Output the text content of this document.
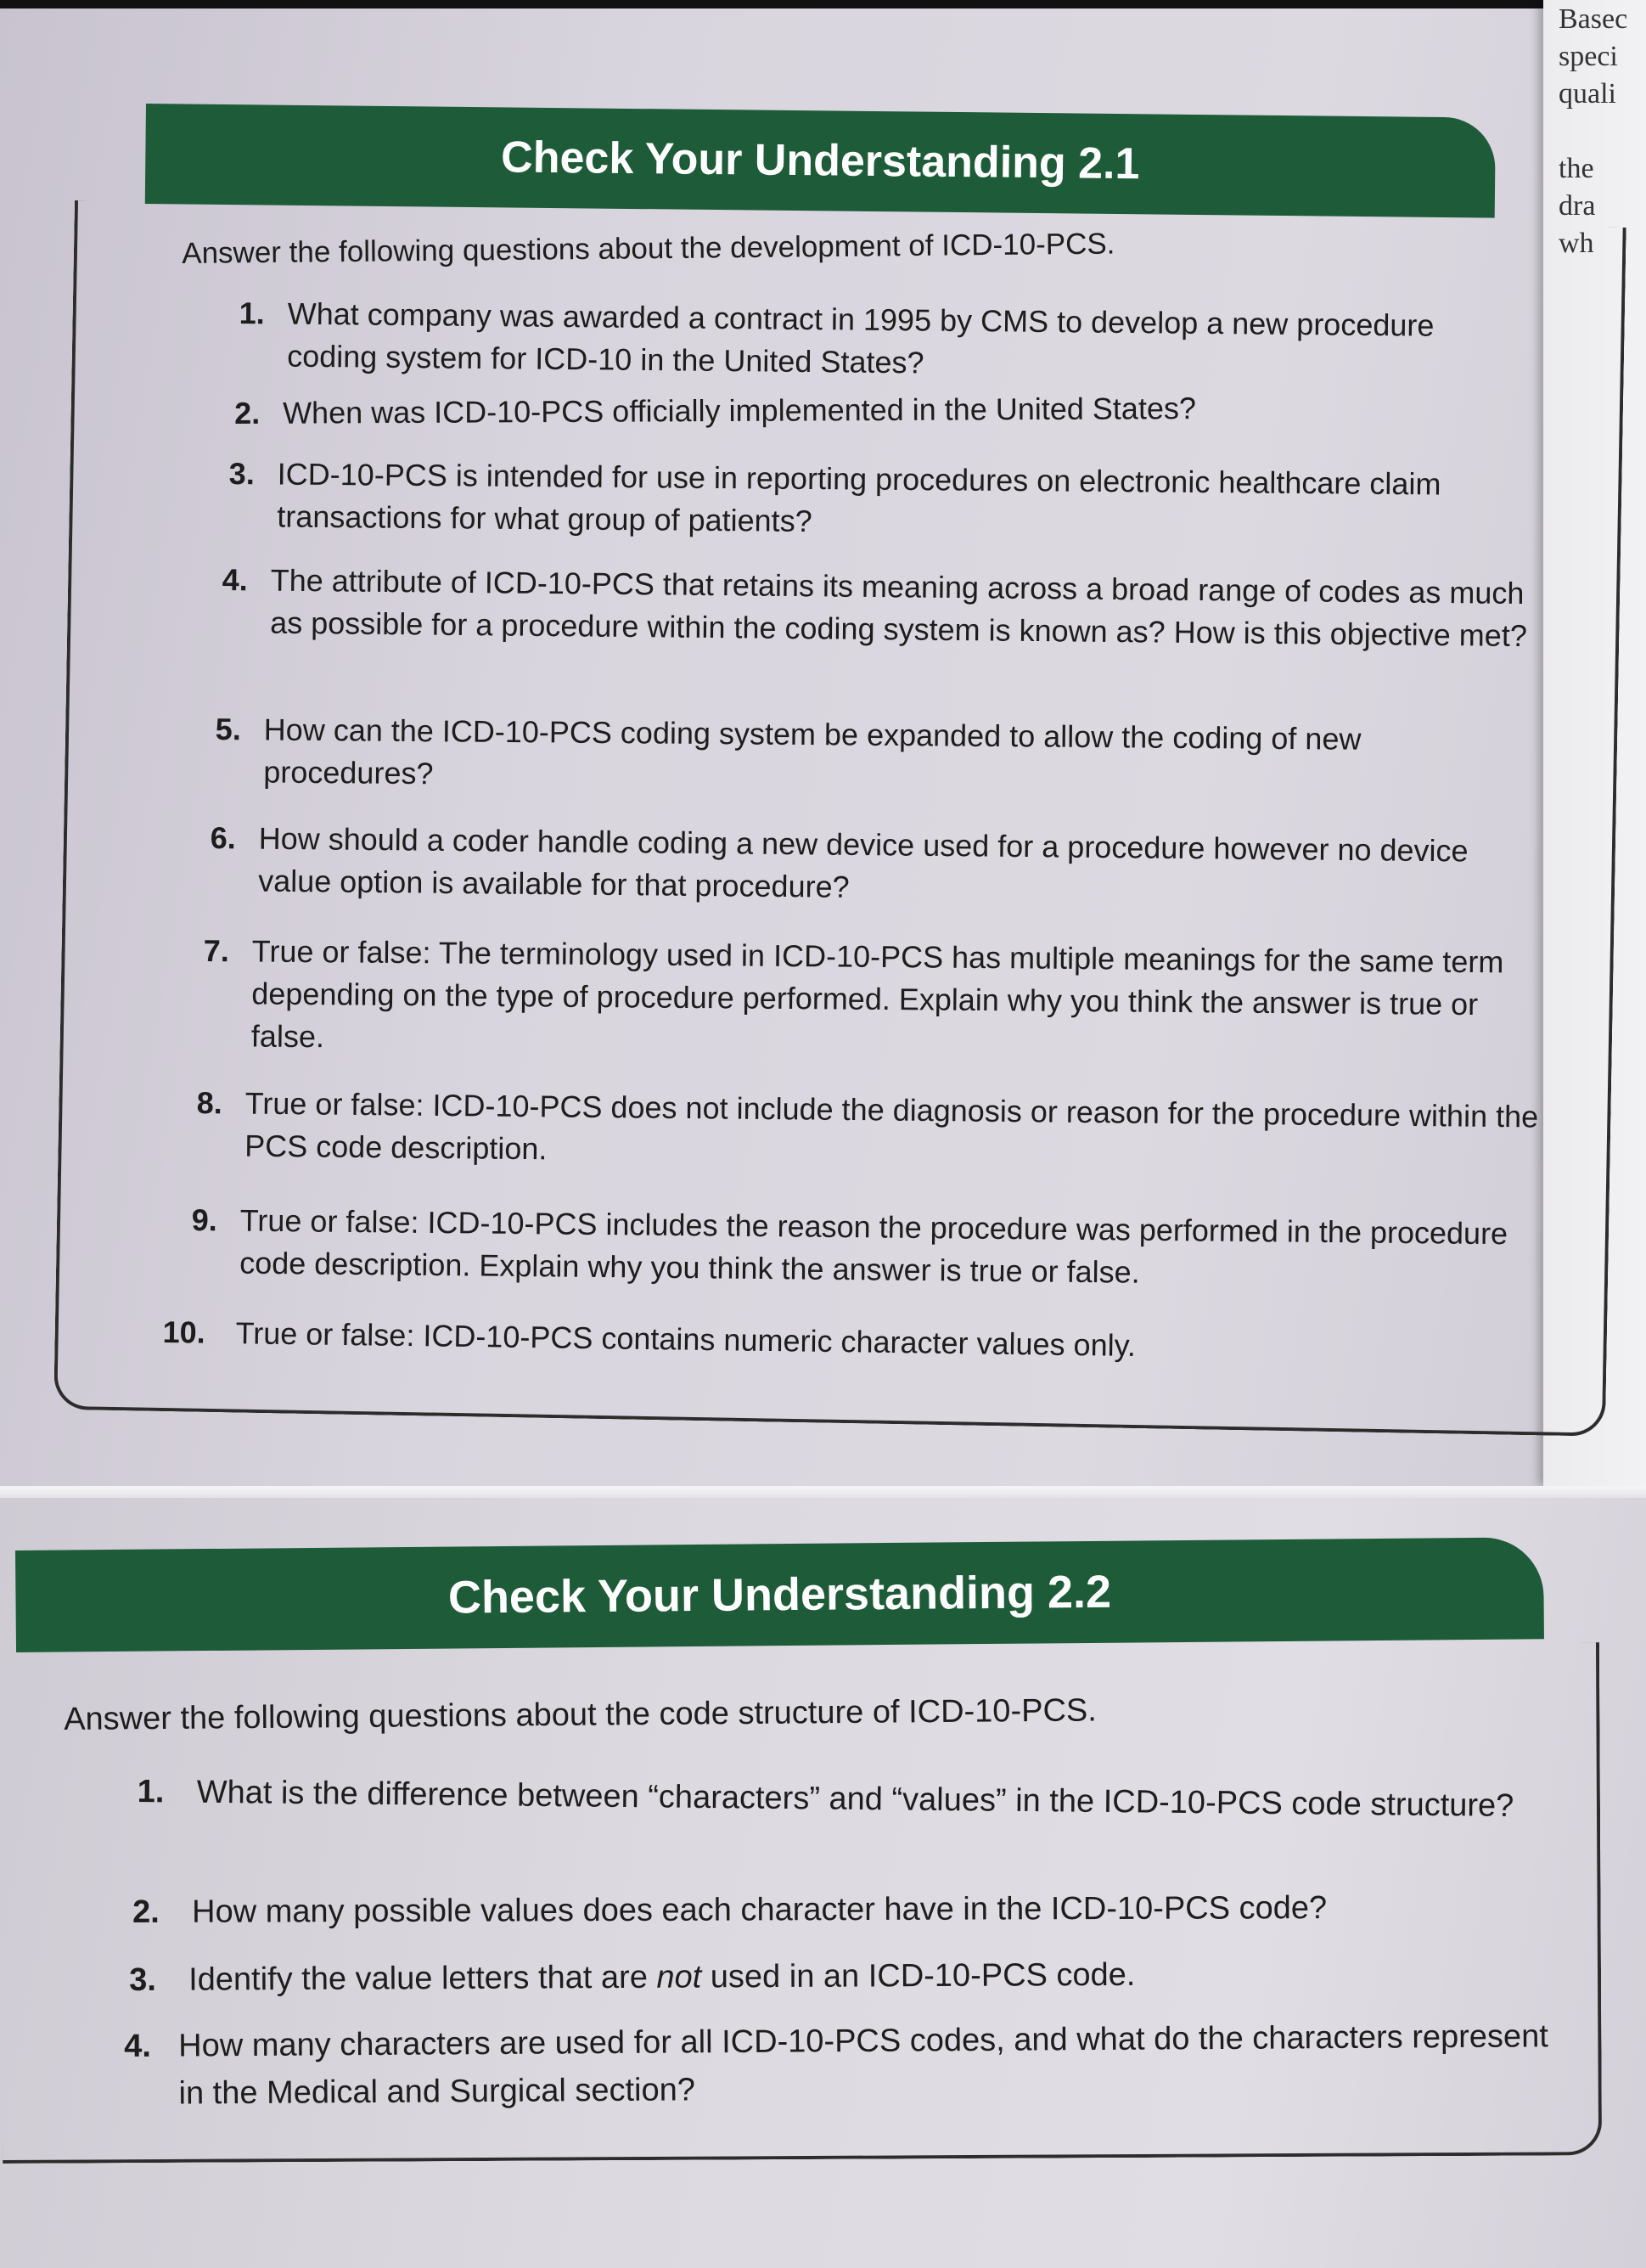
Basec
speci
quali
the
dra
wh
Check Your Understanding 2.1
Answer the following questions about the development of ICD-10-PCS.
1. What company was awarded a contract in 1995 by CMS to develop a new procedure coding system for ICD-10 in the United States?
2. When was ICD-10-PCS officially implemented in the United States?
3. ICD-10-PCS is intended for use in reporting procedures on electronic healthcare claim transactions for what group of patients?
4. The attribute of ICD-10-PCS that retains its meaning across a broad range of codes as much as possible for a procedure within the coding system is known as? How is this objective met?
5. How can the ICD-10-PCS coding system be expanded to allow the coding of new procedures?
6. How should a coder handle coding a new device used for a procedure however no device value option is available for that procedure?
7. True or false: The terminology used in ICD-10-PCS has multiple meanings for the same term depending on the type of procedure performed. Explain why you think the answer is true or false.
8. True or false: ICD-10-PCS does not include the diagnosis or reason for the procedure within the PCS code description.
9. True or false: ICD-10-PCS includes the reason the procedure was performed in the procedure code description. Explain why you think the answer is true or false.
10. True or false: ICD-10-PCS contains numeric character values only.
Check Your Understanding 2.2
Answer the following questions about the code structure of ICD-10-PCS.
1. What is the difference between “characters” and “values” in the ICD-10-PCS code structure?
2.	How many possible values does each character have in the ICD-10-PCS code?
3.	Identify the value letters that are not used in an ICD-10-PCS code.
4. How many characters are used for all ICD-10-PCS codes, and what do the characters represent in the Medical and Surgical section?
